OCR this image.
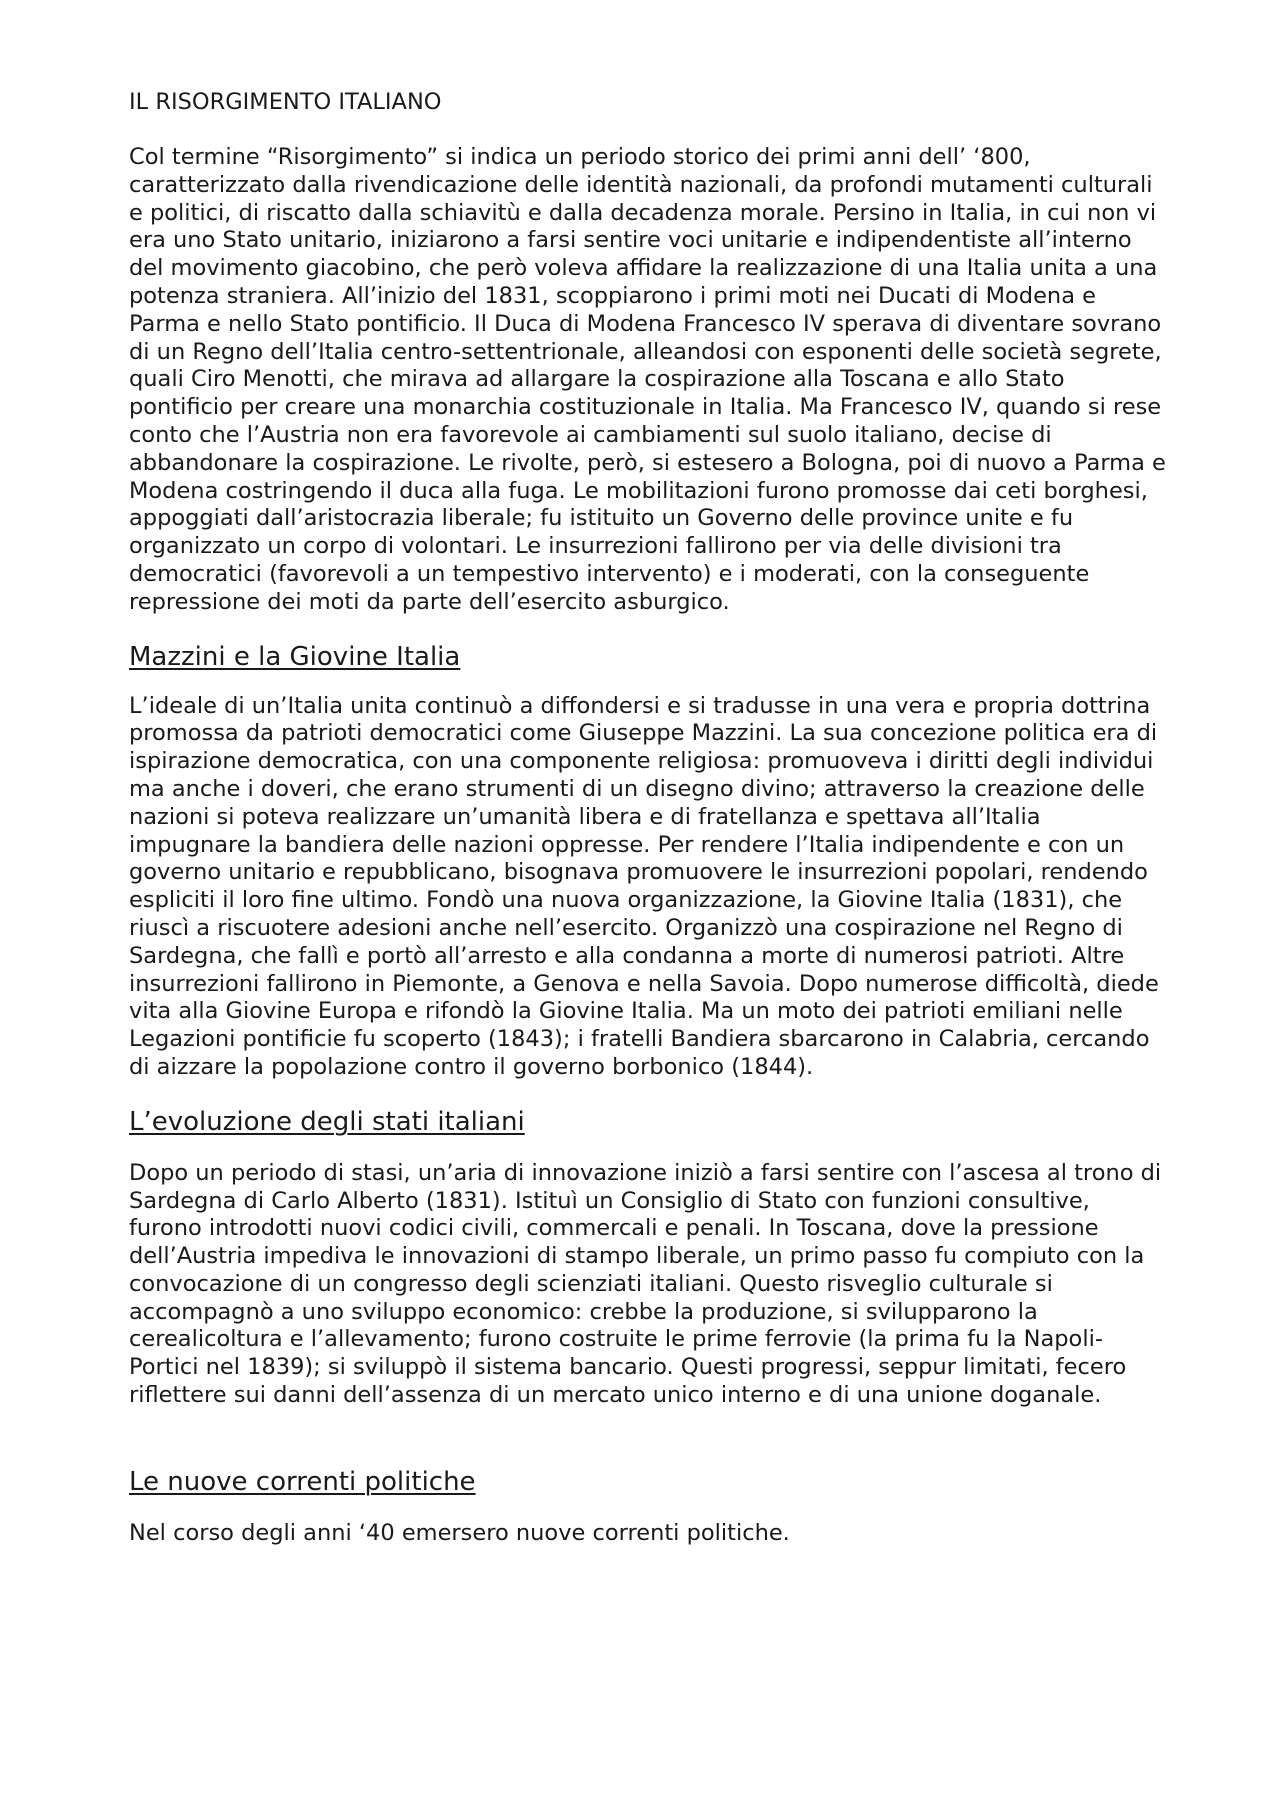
IL RISORGIMENTO ITALIANO

Col termine “Risorgimento” si indica un periodo storico dei primi anni dell’ ‘800, caratterizzato dalla rivendicazione delle identità nazionali, da profondi mutamenti culturali e politici, di riscatto dalla schiavitù e dalla decadenza morale. Persino in Italia, in cui non vi era uno Stato unitario, iniziarono a farsi sentire voci unitarie e indipendentiste all’interno del movimento giacobino, che però voleva affidare la realizzazione di una Italia unita a una potenza straniera. All’inizio del 1831, scoppiarono i primi moti nei Ducati di Modena e Parma e nello Stato pontificio. Il Duca di Modena Francesco IV sperava di diventare sovrano di un Regno dell’Italia centro-settentrionale, alleandosi con esponenti delle società segrete, quali Ciro Menotti, che mirava ad allargare la cospirazione alla Toscana e allo Stato pontificio per creare una monarchia costituzionale in Italia. Ma Francesco IV, quando si rese conto che l’Austria non era favorevole ai cambiamenti sul suolo italiano, decise di abbandonare la cospirazione. Le rivolte, però, si estesero a Bologna, poi di nuovo a Parma e Modena costringendo il duca alla fuga. Le mobilitazioni furono promosse dai ceti borghesi, appoggiati dall’aristocrazia liberale; fu istituito un Governo delle province unite e fu organizzato un corpo di volontari. Le insurrezioni fallirono per via delle divisioni tra democratici (favorevoli a un tempestivo intervento) e i moderati, con la conseguente repressione dei moti da parte dell’esercito asburgico.

Mazzini e la Giovine Italia

L’ideale di un’Italia unita continuò a diffondersi e si tradusse in una vera e propria dottrina promossa da patrioti democratici come Giuseppe Mazzini. La sua concezione politica era di ispirazione democratica, con una componente religiosa: promuoveva i diritti degli individui ma anche i doveri, che erano strumenti di un disegno divino; attraverso la creazione delle nazioni si poteva realizzare un’umanità libera e di fratellanza e spettava all’Italia impugnare la bandiera delle nazioni oppresse. Per rendere l’Italia indipendente e con un governo unitario e repubblicano, bisognava promuovere le insurrezioni popolari, rendendo espliciti il loro fine ultimo. Fondò una nuova organizzazione, la Giovine Italia (1831), che riuscì a riscuotere adesioni anche nell’esercito. Organizzò una cospirazione nel Regno di Sardegna, che fallì e portò all’arresto e alla condanna a morte di numerosi patrioti. Altre insurrezioni fallirono in Piemonte, a Genova e nella Savoia. Dopo numerose difficoltà, diede vita alla Giovine Europa e rifondò la Giovine Italia. Ma un moto dei patrioti emiliani nelle Legazioni pontificie fu scoperto (1843); i fratelli Bandiera sbarcarono in Calabria, cercando di aizzare la popolazione contro il governo borbonico (1844).

L’evoluzione degli stati italiani

Dopo un periodo di stasi, un’aria di innovazione iniziò a farsi sentire con l’ascesa al trono di Sardegna di Carlo Alberto (1831). Istituì un Consiglio di Stato con funzioni consultive, furono introdotti nuovi codici civili, commercali e penali. In Toscana, dove la pressione dell’Austria impediva le innovazioni di stampo liberale, un primo passo fu compiuto con la convocazione di un congresso degli scienziati italiani. Questo risveglio culturale si accompagnò a uno sviluppo economico: crebbe la produzione, si svilupparono la cerealicoltura e l’allevamento; furono costruite le prime ferrovie (la prima fu la Napoli-Portici nel 1839); si sviluppò il sistema bancario. Questi progressi, seppur limitati, fecero riflettere sui danni dell’assenza di un mercato unico interno e di una unione doganale.

Le nuove correnti politiche

Nel corso degli anni ‘40 emersero nuove correnti politiche.
